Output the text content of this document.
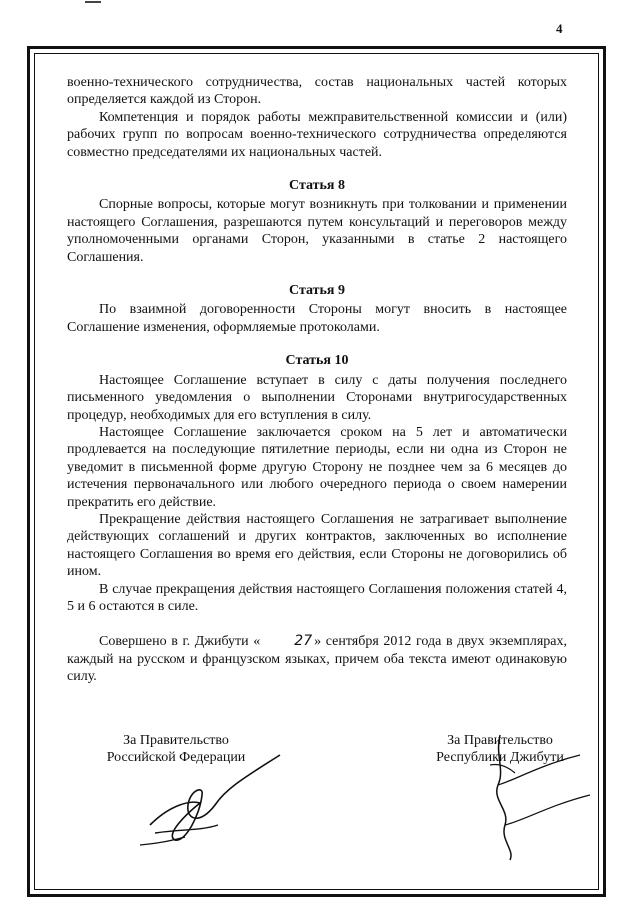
4

военно-технического сотрудничества, состав национальных частей которых определяется каждой из Сторон.

Компетенция и порядок работы межправительственной комиссии и (или) рабочих групп по вопросам военно-технического сотрудничества определяются совместно председателями их национальных частей.

Статья 8

Спорные вопросы, которые могут возникнуть при толковании и применении настоящего Соглашения, разрешаются путем консультаций и переговоров между уполномоченными органами Сторон, указанными в статье 2 настоящего Соглашения.

Статья 9

По взаимной договоренности Стороны могут вносить в настоящее Соглашение изменения, оформляемые протоколами.

Статья 10

Настоящее Соглашение вступает в силу с даты получения последнего письменного уведомления о выполнении Сторонами внутригосударственных процедур, необходимых для его вступления в силу.

Настоящее Соглашение заключается сроком на 5 лет и автоматически продлевается на последующие пятилетние периоды, если ни одна из Сторон не уведомит в письменной форме другую Сторону не позднее чем за 6 месяцев до истечения первоначального или любого очередного периода о своем намерении прекратить его действие.

Прекращение действия настоящего Соглашения не затрагивает выполнение действующих соглашений и других контрактов, заключенных во исполнение настоящего Соглашения во время его действия, если Стороны не договорились об ином.

В случае прекращения действия настоящего Соглашения положения статей 4, 5 и 6 остаются в силе.

Совершено в г. Джибути « 27 » сентября 2012 года в двух экземплярах, каждый на русском и французском языках, причем оба текста имеют одинаковую силу.

За Правительство
Российской Федерации
За Правительство
Республики Джибути
